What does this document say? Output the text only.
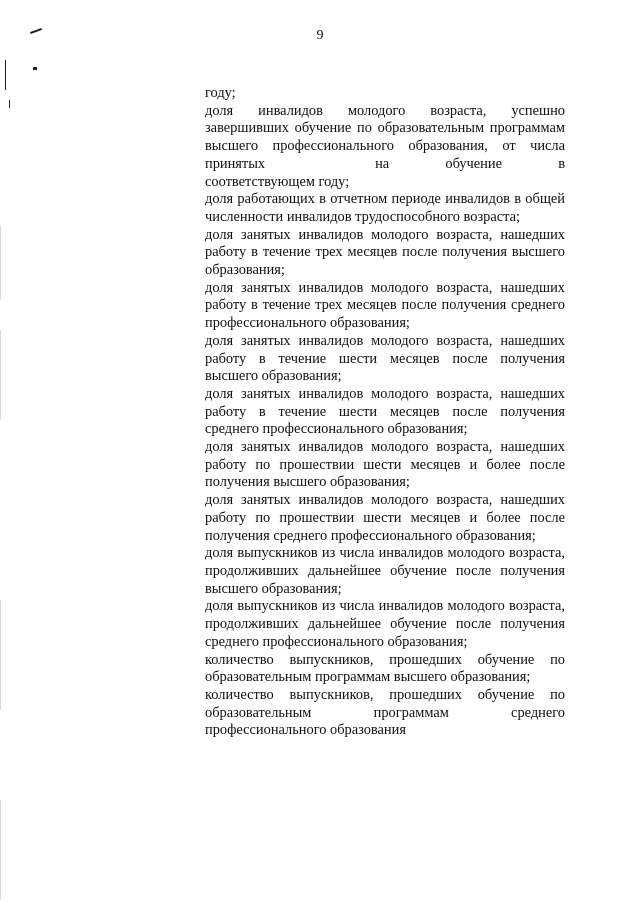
9
году;
доля инвалидов молодого возраста, успешно завершивших обучение по образовательным программам высшего профессионального образования, от числа принятых	на обучение	в соответствующем году;
доля работающих в отчетном периоде инвалидов в общей численности инвалидов трудоспособного возраста;
доля занятых инвалидов молодого возраста, нашедших работу в течение трех месяцев после получения высшего образования;
доля занятых инвалидов молодого возраста, нашедших работу в течение трех месяцев после получения среднего профессионального образования;
доля занятых инвалидов молодого возраста, нашедших работу в течение шести месяцев после получения высшего образования;
доля занятых инвалидов молодого возраста, нашедших работу в течение шести месяцев после получения среднего профессионального образования;
доля занятых инвалидов молодого возраста, нашедших работу по прошествии шести месяцев и более после получения высшего образования;
доля занятых инвалидов молодого возраста, нашедших работу по прошествии шести месяцев и более после получения среднего профессионального образования;
доля выпускников из числа инвалидов молодого возраста, продолживших дальнейшее обучение после получения высшего образования;
доля выпускников из числа инвалидов молодого возраста, продолживших дальнейшее обучение после получения среднего профессионального образования;
количество выпускников, прошедших обучение по образовательным программам высшего образования;
количество выпускников, прошедших обучение по образовательным программам среднего профессионального образования
